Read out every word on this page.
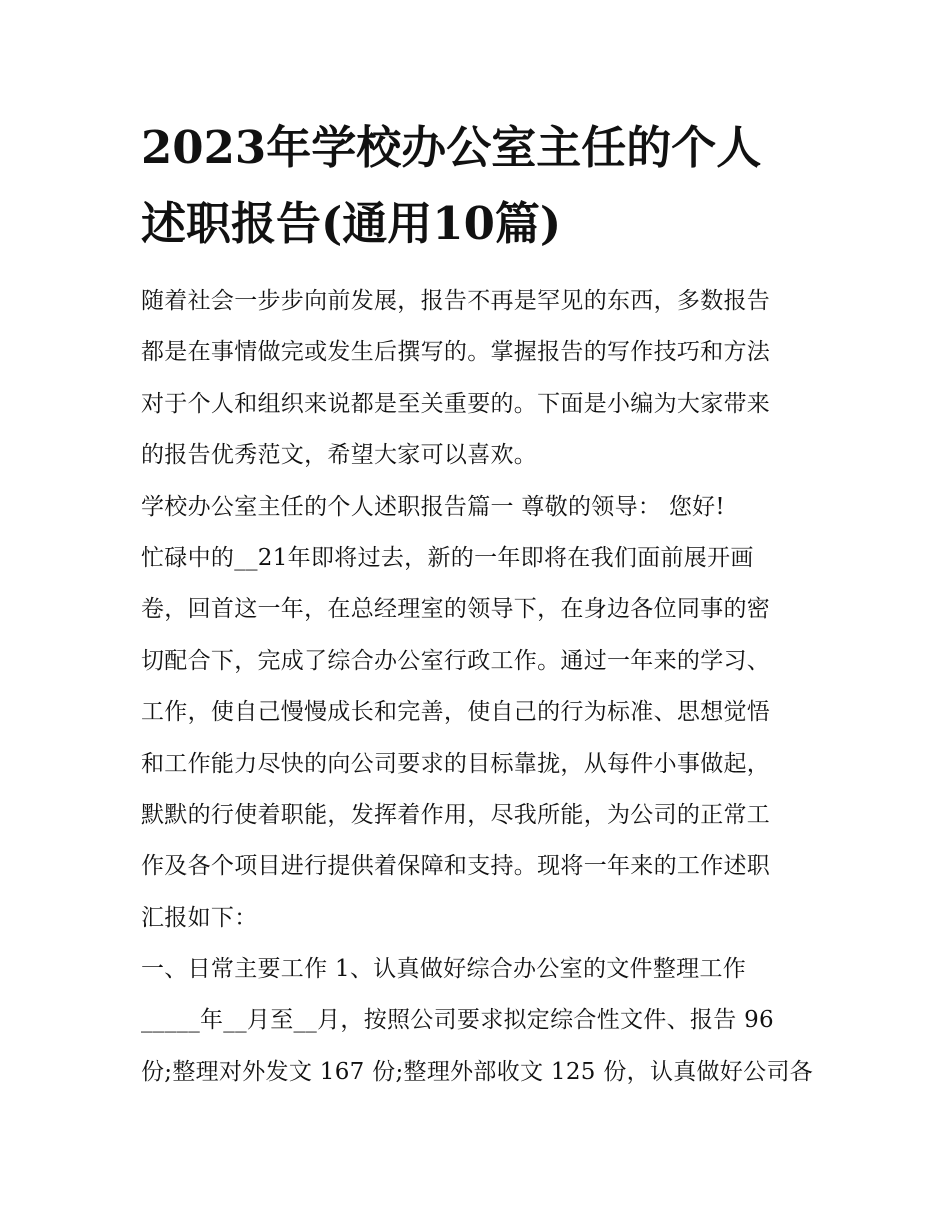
2023年学校办公室主任的个人
述职报告(通用10篇)
随着社会一步步向前发展，报告不再是罕见的东西，多数报告
都是在事情做完或发生后撰写的。掌握报告的写作技巧和方法
对于个人和组织来说都是至关重要的。下面是小编为大家带来
的报告优秀范文，希望大家可以喜欢。
学校办公室主任的个人述职报告篇一 尊敬的领导： 您好!
忙碌中的__21年即将过去，新的一年即将在我们面前展开画
卷，回首这一年，在总经理室的领导下，在身边各位同事的密
切配合下，完成了综合办公室行政工作。通过一年来的学习、
工作，使自己慢慢成长和完善，使自己的行为标准、思想觉悟
和工作能力尽快的向公司要求的目标靠拢，从每件小事做起，
默默的行使着职能，发挥着作用，尽我所能，为公司的正常工
作及各个项目进行提供着保障和支持。现将一年来的工作述职
汇报如下：
一、日常主要工作 1、认真做好综合办公室的文件整理工作
_____年__月至__月，按照公司要求拟定综合性文件、报告 96
份;整理对外发文 167 份;整理外部收文 125 份，认真做好公司各
